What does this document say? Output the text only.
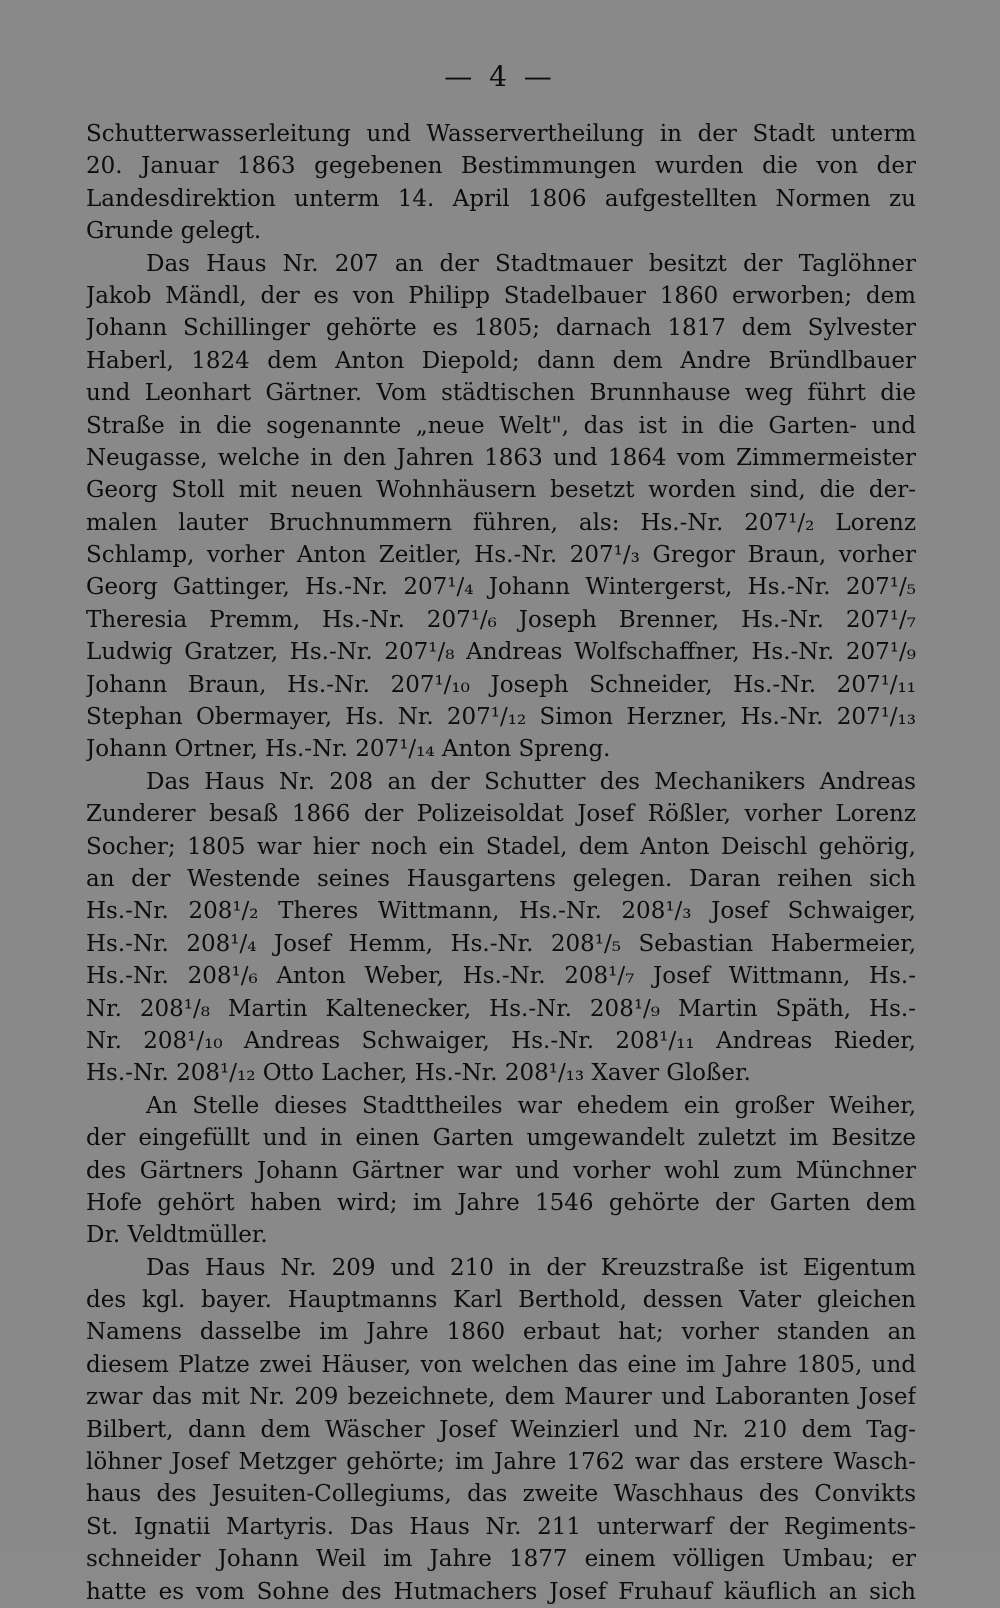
— 4 —
Schutterwasserleitung und Wasservertheilung in der Stadt unterm
20. Januar 1863 gegebenen Bestimmungen wurden die von der
Landesdirektion unterm 14. April 1806 aufgestellten Normen zu
Grunde gelegt.
Das Haus Nr. 207 an der Stadtmauer besitzt der Taglöhner
Jakob Mändl, der es von Philipp Stadelbauer 1860 erworben; dem
Johann Schillinger gehörte es 1805; darnach 1817 dem Sylvester
Haberl, 1824 dem Anton Diepold; dann dem Andre Bründlbauer
und Leonhart Gärtner. Vom städtischen Brunnhause weg führt die
Straße in die sogenannte „neue Welt", das ist in die Garten- und
Neugasse, welche in den Jahren 1863 und 1864 vom Zimmermeister
Georg Stoll mit neuen Wohnhäusern besetzt worden sind, die der-
malen lauter Bruchnummern führen, als: Hs.-Nr. 207¹/₂ Lorenz
Schlamp, vorher Anton Zeitler, Hs.-Nr. 207¹/₃ Gregor Braun, vorher
Georg Gattinger, Hs.-Nr. 207¹/₄ Johann Wintergerst, Hs.-Nr. 207¹/₅
Theresia Premm, Hs.-Nr. 207¹/₆ Joseph Brenner, Hs.-Nr. 207¹/₇
Ludwig Gratzer, Hs.-Nr. 207¹/₈ Andreas Wolfschaffner, Hs.-Nr. 207¹/₉
Johann Braun, Hs.-Nr. 207¹/₁₀ Joseph Schneider, Hs.-Nr. 207¹/₁₁
Stephan Obermayer, Hs. Nr. 207¹/₁₂ Simon Herzner, Hs.-Nr. 207¹/₁₃
Johann Ortner, Hs.-Nr. 207¹/₁₄ Anton Spreng.
Das Haus Nr. 208 an der Schutter des Mechanikers Andreas
Zunderer besaß 1866 der Polizeisoldat Josef Rößler, vorher Lorenz
Socher; 1805 war hier noch ein Stadel, dem Anton Deischl gehörig,
an der Westende seines Hausgartens gelegen. Daran reihen sich
Hs.-Nr. 208¹/₂ Theres Wittmann, Hs.-Nr. 208¹/₃ Josef Schwaiger,
Hs.-Nr. 208¹/₄ Josef Hemm, Hs.-Nr. 208¹/₅ Sebastian Habermeier,
Hs.-Nr. 208¹/₆ Anton Weber, Hs.-Nr. 208¹/₇ Josef Wittmann, Hs.-
Nr. 208¹/₈ Martin Kaltenecker, Hs.-Nr. 208¹/₉ Martin Späth, Hs.-
Nr. 208¹/₁₀ Andreas Schwaiger, Hs.-Nr. 208¹/₁₁ Andreas Rieder,
Hs.-Nr. 208¹/₁₂ Otto Lacher, Hs.-Nr. 208¹/₁₃ Xaver Gloßer.
An Stelle dieses Stadttheiles war ehedem ein großer Weiher,
der eingefüllt und in einen Garten umgewandelt zuletzt im Besitze
des Gärtners Johann Gärtner war und vorher wohl zum Münchner
Hofe gehört haben wird; im Jahre 1546 gehörte der Garten dem
Dr. Veldtmüller.
Das Haus Nr. 209 und 210 in der Kreuzstraße ist Eigentum
des kgl. bayer. Hauptmanns Karl Berthold, dessen Vater gleichen
Namens dasselbe im Jahre 1860 erbaut hat; vorher standen an
diesem Platze zwei Häuser, von welchen das eine im Jahre 1805, und
zwar das mit Nr. 209 bezeichnete, dem Maurer und Laboranten Josef
Bilbert, dann dem Wäscher Josef Weinzierl und Nr. 210 dem Tag-
löhner Josef Metzger gehörte; im Jahre 1762 war das erstere Wasch-
haus des Jesuiten-Collegiums, das zweite Waschhaus des Convikts
St. Ignatii Martyris. Das Haus Nr. 211 unterwarf der Regiments-
schneider Johann Weil im Jahre 1877 einem völligen Umbau; er
hatte es vom Sohne des Hutmachers Josef Fruhauf käuflich an sich
